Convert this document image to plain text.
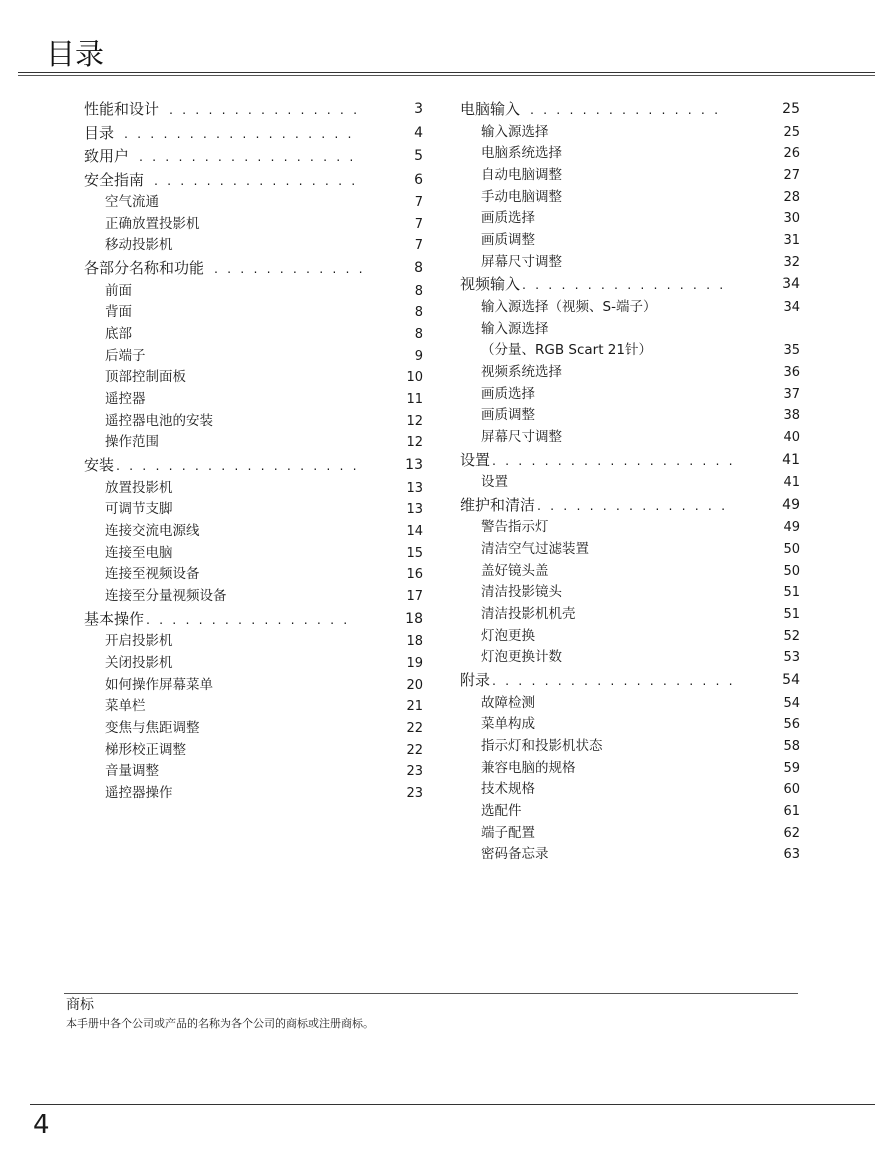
目录
性能和设计. . . . . . . . . . . . . . .	3
目录. . . . . . . . . . . . . . . . . .	4
致用户. . . . . . . . . . . . . . . . .	5
安全指南. . . . . . . . . . . . . . . .	6
空气流通	7
正确放置投影机	7
移动投影机	7
各部分名称和功能. . . . . . . . . . . .	8
前面	8
背面	8
底部	8
后端子	9
顶部控制面板	10
遥控器	11
遥控器电池的安装	12
操作范围	12
安装 . . . . . . . . . . . . . . . . . . .	13
放置投影机	13
可调节支脚	13
连接交流电源线	14
连接至电脑	15
连接至视频设备	16
连接至分量视频设备	17
基本操作 . . . . . . . . . . . . . . . .	18
开启投影机	18
关闭投影机	19
如何操作屏幕菜单	20
菜单栏	21
变焦与焦距调整	22
梯形校正调整	22
音量调整	23
遥控器操作	23
电脑输入. . . . . . . . . . . . . . .	25
输入源选择	25
电脑系统选择	26
自动电脑调整	27
手动电脑调整	28
画质选择	30
画质调整	31
屏幕尺寸调整	32
视频输入 . . . . . . . . . . . . . . . .	34
输入源选择（视频、S-端子）	34
输入源选择
（分量、RGB Scart 21针）	35
视频系统选择	36
画质选择	37
画质调整	38
屏幕尺寸调整	40
设置 . . . . . . . . . . . . . . . . . . .	41
设置	41
维护和清洁 . . . . . . . . . . . . . . .	49
警告指示灯	49
清洁空气过滤装置	50
盖好镜头盖	50
清洁投影镜头	51
清洁投影机机壳	51
灯泡更换	52
灯泡更换计数	53
附录 . . . . . . . . . . . . . . . . . . .	54
故障检测	54
菜单构成	56
指示灯和投影机状态	58
兼容电脑的规格	59
技术规格	60
选配件	61
端子配置	62
密码备忘录	63
商标
本手册中各个公司或产品的名称为各个公司的商标或注册商标。
4
